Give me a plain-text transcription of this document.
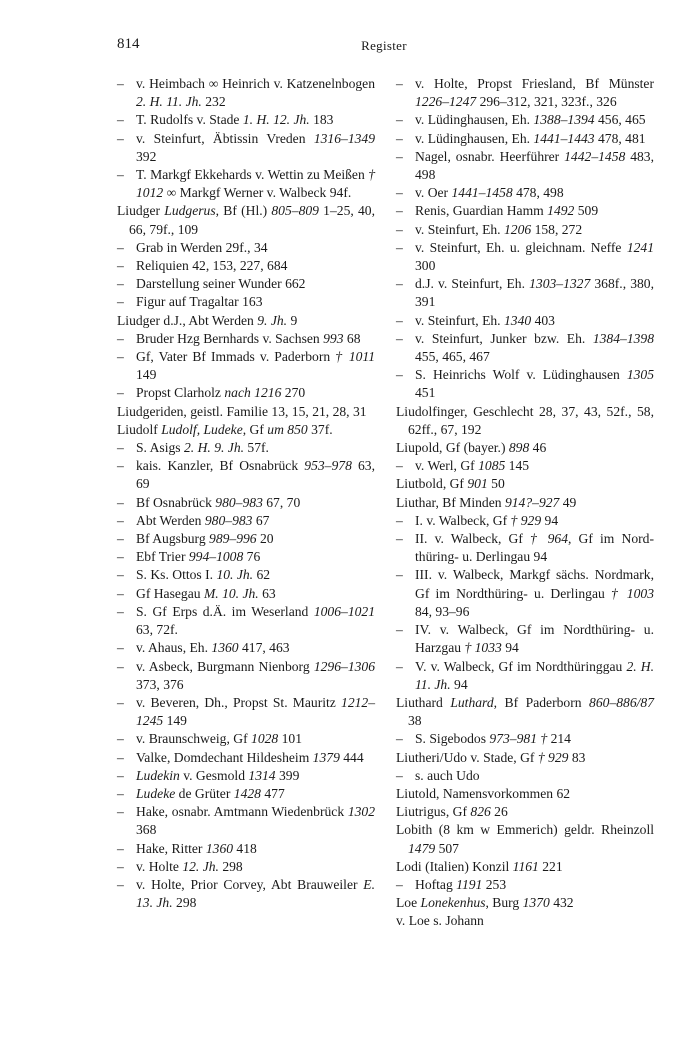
814	Register
– v. Heimbach ∞ Heinrich v. Katzenelnbogen 2. H. 11. Jh. 232
– T. Rudolfs v. Stade 1. H. 12. Jh. 183
– v. Steinfurt, Äbtissin Vreden 1316–1349 392
– T. Markgf Ekkehards v. Wettin zu Meißen † 1012 ∞ Markgf Werner v. Walbeck 94f.
Liudger Ludgerus, Bf (Hl.) 805–809 1–25, 40, 66, 79f., 109
– Grab in Werden 29f., 34
– Reliquien 42, 153, 227, 684
– Darstellung seiner Wunder 662
– Figur auf Tragaltar 163
Liudger d.J., Abt Werden 9. Jh. 9
– Bruder Hzg Bernhards v. Sachsen 993 68
– Gf, Vater Bf Immads v. Paderborn † 1011 149
– Propst Clarholz nach 1216 270
Liudgeriden, geistl. Familie 13, 15, 21, 28, 31
Liudolf Ludolf, Ludeke, Gf um 850 37f.
– S. Asigs 2. H. 9. Jh. 57f.
– kais. Kanzler, Bf Osnabrück 953–978 63, 69
– Bf Osnabrück 980–983 67, 70
– Abt Werden 980–983 67
– Bf Augsburg 989–996 20
– Ebf Trier 994–1008 76
– S. Ks. Ottos I. 10. Jh. 62
– Gf Hasegau M. 10. Jh. 63
– S. Gf Erps d.Ä. im Weserland 1006–1021 63, 72f.
– v. Ahaus, Eh. 1360 417, 463
– v. Asbeck, Burgmann Nienborg 1296–1306 373, 376
– v. Beveren, Dh., Propst St. Mauritz 1212–1245 149
– v. Braunschweig, Gf 1028 101
– Valke, Domdechant Hildesheim 1379 444
– Ludekin v. Gesmold 1314 399
– Ludeke de Grüter 1428 477
– Hake, osnabr. Amtmann Wiedenbrück 1302 368
– Hake, Ritter 1360 418
– v. Holte 12. Jh. 298
– v. Holte, Prior Corvey, Abt Brauweiler E. 13. Jh. 298
– v. Holte, Propst Friesland, Bf Münster 1226–1247 296–312, 321, 323f., 326
– v. Lüdinghausen, Eh. 1388–1394 456, 465
– v. Lüdinghausen, Eh. 1441–1443 478, 481
– Nagel, osnabr. Heerführer 1442–1458 483, 498
– v. Oer 1441–1458 478, 498
– Renis, Guardian Hamm 1492 509
– v. Steinfurt, Eh. 1206 158, 272
– v. Steinfurt, Eh. u. gleichnam. Neffe 1241 300
– d.J. v. Steinfurt, Eh. 1303–1327 368f., 380, 391
– v. Steinfurt, Eh. 1340 403
– v. Steinfurt, Junker bzw. Eh. 1384–1398 455, 465, 467
– S. Heinrichs Wolf v. Lüdinghausen 1305 451
Liudolfinger, Geschlecht 28, 37, 43, 52f., 58, 62ff., 67, 192
Liupold, Gf (bayer.) 898 46
– v. Werl, Gf 1085 145
Liutbold, Gf 901 50
Liuthar, Bf Minden 914?–927 49
– I. v. Walbeck, Gf † 929 94
– II. v. Walbeck, Gf † 964, Gf im Nordthüring- u. Derlingau 94
– III. v. Walbeck, Markgf sächs. Nordmark, Gf im Nordthüring- u. Derlingau † 1003 84, 93–96
– IV. v. Walbeck, Gf im Nordthüring- u. Harzgau † 1033 94
– V. v. Walbeck, Gf im Nordthüringgau 2. H. 11. Jh. 94
Liuthard Luthard, Bf Paderborn 860–886/87 38
– S. Sigebodos 973–981 † 214
Liutheri/Udo v. Stade, Gf † 929 83
– s. auch Udo
Liutold, Namensvorkommen 62
Liutrigus, Gf 826 26
Lobith (8 km w Emmerich) geldr. Rheinzoll 1479 507
Lodi (Italien) Konzil 1161 221
– Hoftag 1191 253
Loe Lonekenhus, Burg 1370 432
v. Loe s. Johann
